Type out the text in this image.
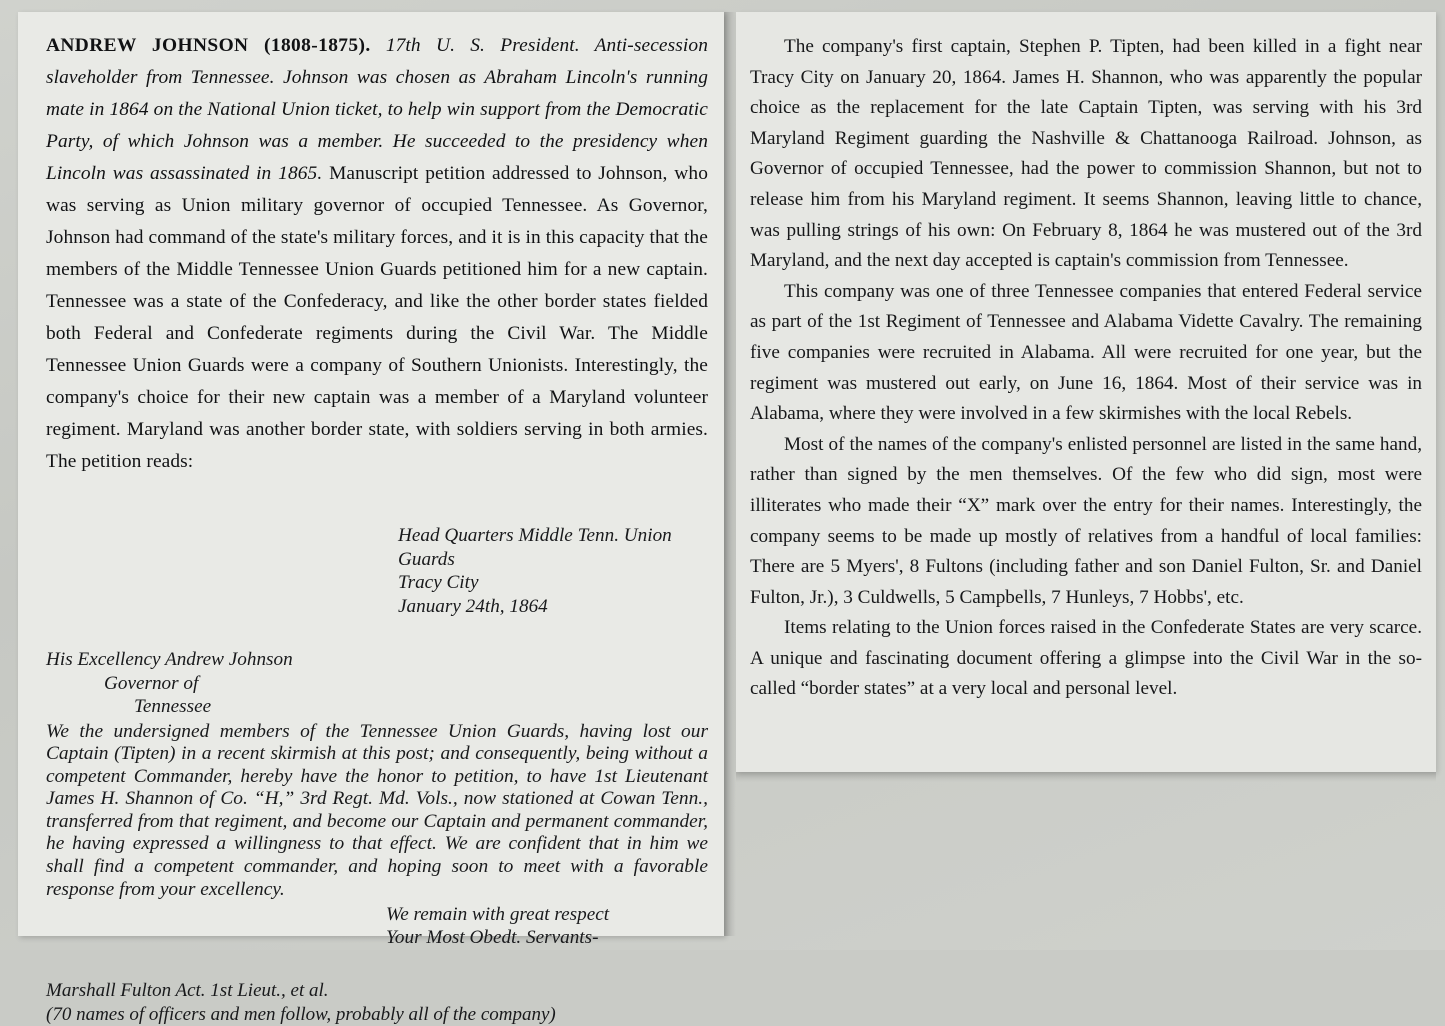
ANDREW JOHNSON (1808-1875). 17th U. S. President. Anti-secession slaveholder from Tennessee. Johnson was chosen as Abraham Lincoln's running mate in 1864 on the National Union ticket, to help win support from the Democratic Party, of which Johnson was a member. He succeeded to the presidency when Lincoln was assassinated in 1865. Manuscript petition addressed to Johnson, who was serving as Union military governor of occupied Tennessee. As Governor, Johnson had command of the state's military forces, and it is in this capacity that the members of the Middle Tennessee Union Guards petitioned him for a new captain. Tennessee was a state of the Confederacy, and like the other border states fielded both Federal and Confederate regiments during the Civil War. The Middle Tennessee Union Guards were a company of Southern Unionists. Interestingly, the company's choice for their new captain was a member of a Maryland volunteer regiment. Maryland was another border state, with soldiers serving in both armies. The petition reads:

Head Quarters Middle Tenn. Union Guards
Tracy City
January 24th, 1864
His Excellency Andrew Johnson
Governor of
Tennessee

We the undersigned members of the Tennessee Union Guards, having lost our Captain (Tipten) in a recent skirmish at this post; and consequently, being without a competent Commander, hereby have the honor to petition, to have 1st Lieutenant James H. Shannon of Co. “H,” 3rd Regt. Md. Vols., now stationed at Cowan Tenn., transferred from that regiment, and become our Captain and permanent commander, he having expressed a willingness to that effect. We are confident that in him we shall find a competent commander, and hoping soon to meet with a favorable response from your excellency.

We remain with great respect
Your Most Obedt. Servants-
Marshall Fulton Act. 1st Lieut., et al.
(70 names of officers and men follow, probably all of the company)

The company's first captain, Stephen P. Tipten, had been killed in a fight near Tracy City on January 20, 1864. James H. Shannon, who was apparently the popular choice as the replacement for the late Captain Tipten, was serving with his 3rd Maryland Regiment guarding the Nashville & Chattanooga Railroad. Johnson, as Governor of occupied Tennessee, had the power to commission Shannon, but not to release him from his Maryland regiment. It seems Shannon, leaving little to chance, was pulling strings of his own: On February 8, 1864 he was mustered out of the 3rd Maryland, and the next day accepted is captain's commission from Tennessee.

This company was one of three Tennessee companies that entered Federal service as part of the 1st Regiment of Tennessee and Alabama Vidette Cavalry. The remaining five companies were recruited in Alabama. All were recruited for one year, but the regiment was mustered out early, on June 16, 1864. Most of their service was in Alabama, where they were involved in a few skirmishes with the local Rebels.

Most of the names of the company's enlisted personnel are listed in the same hand, rather than signed by the men themselves. Of the few who did sign, most were illiterates who made their “X” mark over the entry for their names. Interestingly, the company seems to be made up mostly of relatives from a handful of local families: There are 5 Myers', 8 Fultons (including father and son Daniel Fulton, Sr. and Daniel Fulton, Jr.), 3 Culdwells, 5 Campbells, 7 Hunleys, 7 Hobbs', etc.

Items relating to the Union forces raised in the Confederate States are very scarce. A unique and fascinating document offering a glimpse into the Civil War in the so-called “border states” at a very local and personal level.
